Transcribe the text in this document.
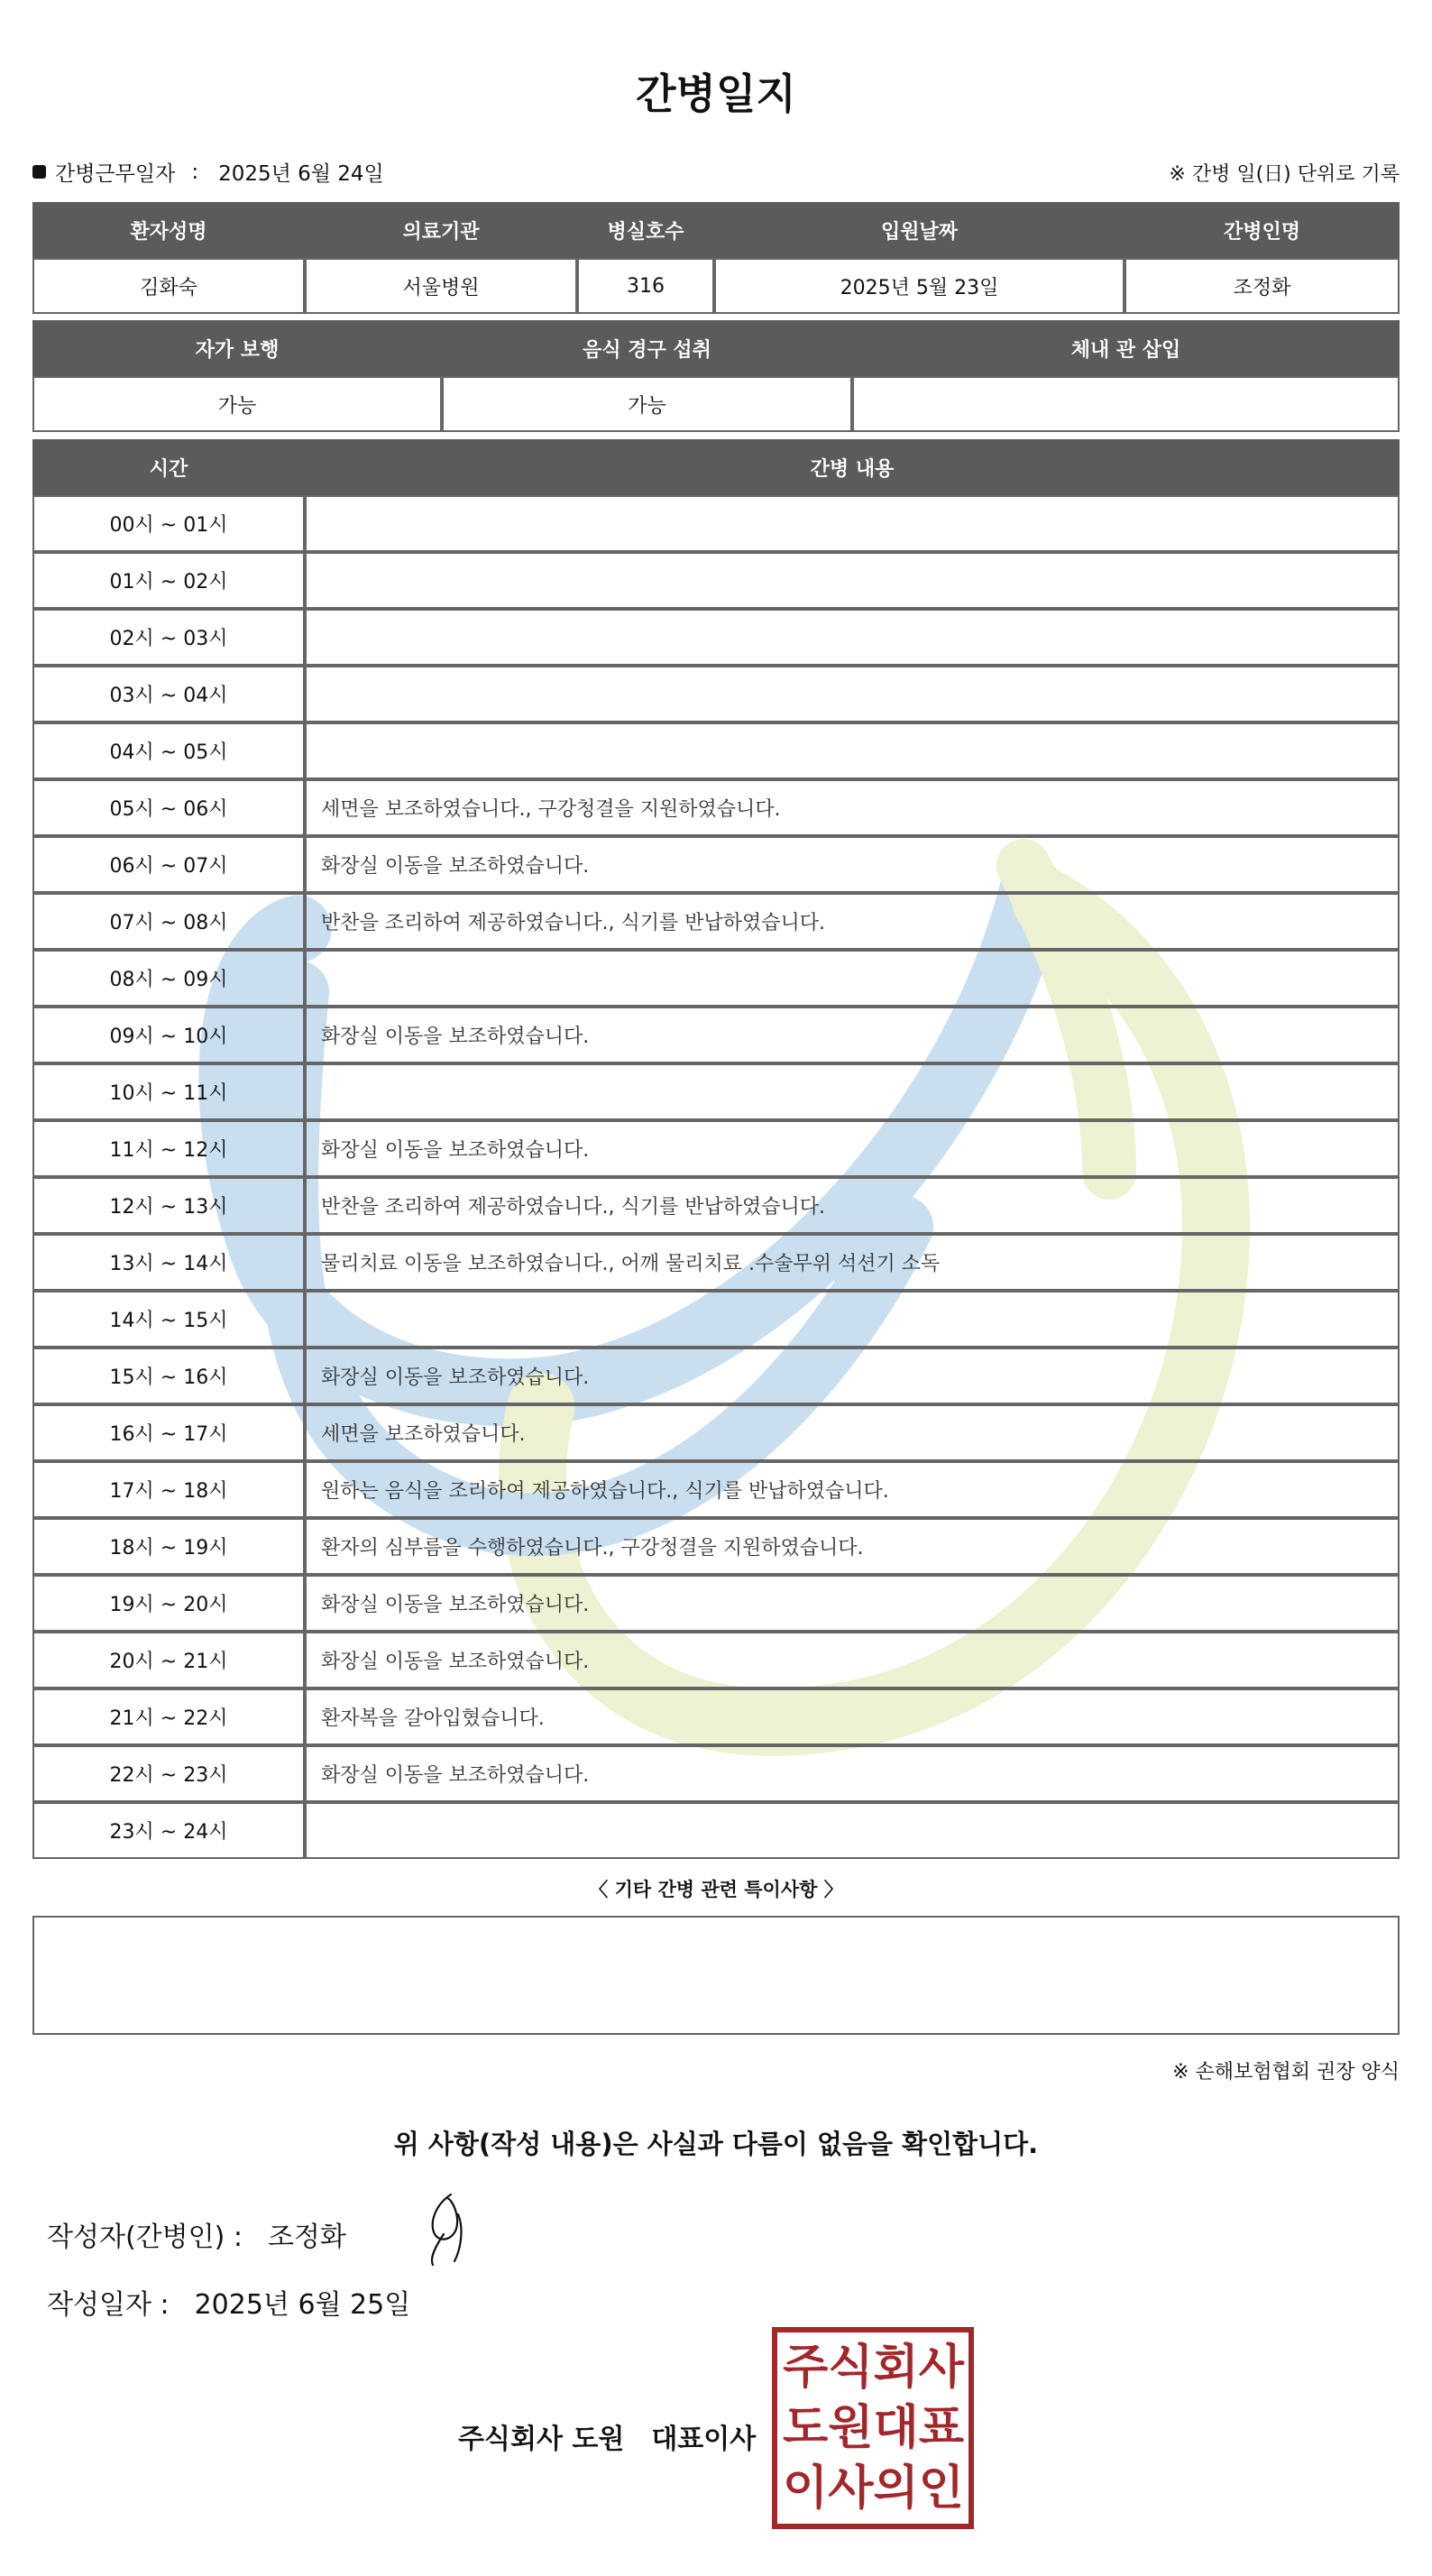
간병일지
간병근무일자 : 2025년 6월 24일	※ 간병 일(日) 단위로 기록
환자성명	의료기관	병실호수	입원날짜	간병인명
김화숙	서울병원	316	2025년 5월 23일	조정화
자가 보행	음식 경구 섭취	체내 관 삽입
가능	가능
시간	간병 내용
00시 ~ 01시
01시 ~ 02시
02시 ~ 03시
03시 ~ 04시
04시 ~ 05시
05시 ~ 06시	세면을 보조하였습니다., 구강청결을 지원하였습니다.
06시 ~ 07시	화장실 이동을 보조하였습니다.
07시 ~ 08시	반찬을 조리하여 제공하였습니다., 식기를 반납하였습니다.
08시 ~ 09시
09시 ~ 10시	화장실 이동을 보조하였습니다.
10시 ~ 11시
11시 ~ 12시	화장실 이동을 보조하였습니다.
12시 ~ 13시	반찬을 조리하여 제공하였습니다., 식기를 반납하였습니다.
13시 ~ 14시	물리치료 이동을 보조하였습니다., 어깨 물리치료 .수술무위 석션기 소독
14시 ~ 15시
15시 ~ 16시	화장실 이동을 보조하였습니다.
16시 ~ 17시	세면을 보조하였습니다.
17시 ~ 18시	원하는 음식을 조리하여 제공하였습니다., 식기를 반납하였습니다.
18시 ~ 19시	환자의 심부름을 수행하였습니다., 구강청결을 지원하였습니다.
19시 ~ 20시	화장실 이동을 보조하였습니다.
20시 ~ 21시	화장실 이동을 보조하였습니다.
21시 ~ 22시	환자복을 갈아입혔습니다.
22시 ~ 23시	화장실 이동을 보조하였습니다.
23시 ~ 24시
〈 기타 간병 관련 특이사항 〉
※ 손해보험협회 권장 양식
위 사항(작성 내용)은 사실과 다름이 없음을 확인합니다.
작성자(간병인) : 조정화
작성일자 : 2025년 6월 25일
주식회사 도원 대표이사
주 식 회 사
도 원 대 표
이 사 의 인
